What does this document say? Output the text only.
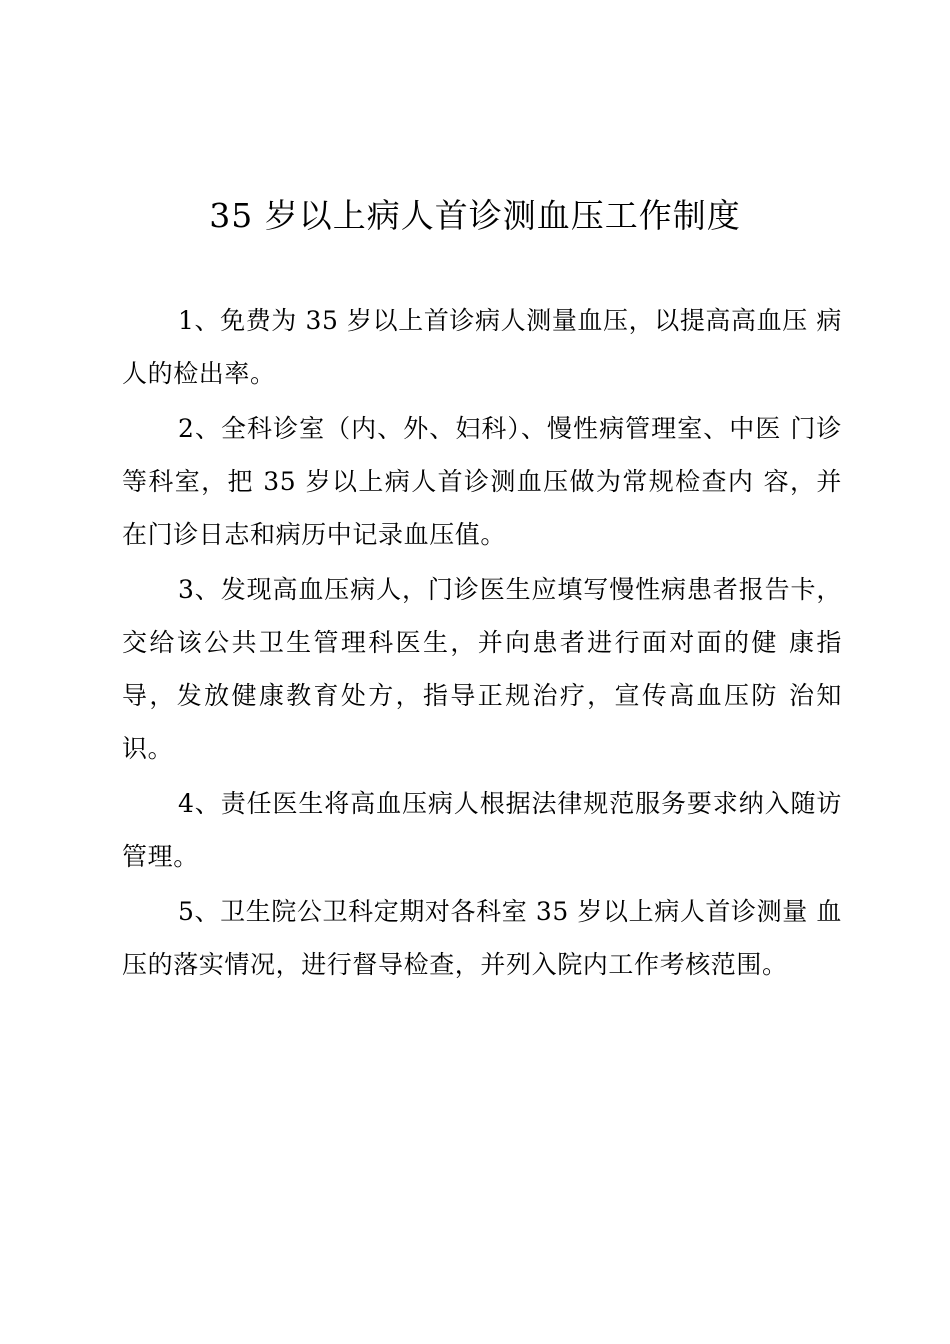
35 岁以上病人首诊测血压工作制度

1、免费为 35 岁以上首诊病人测量血压，以提高高血压 病人的检出率。

2、全科诊室（内、外、妇科）、慢性病管理室、中医 门诊等科室，把 35 岁以上病人首诊测血压做为常规检查内 容，并在门诊日志和病历中记录血压值。

3、发现高血压病人，门诊医生应填写慢性病患者报告卡，交给该公共卫生管理科医生，并向患者进行面对面的健 康指导，发放健康教育处方，指导正规治疗，宣传高血压防 治知识。

4、责任医生将高血压病人根据法律规范服务要求纳入随访管理。

5、卫生院公卫科定期对各科室 35 岁以上病人首诊测量 血压的落实情况，进行督导检查，并列入院内工作考核范围。
